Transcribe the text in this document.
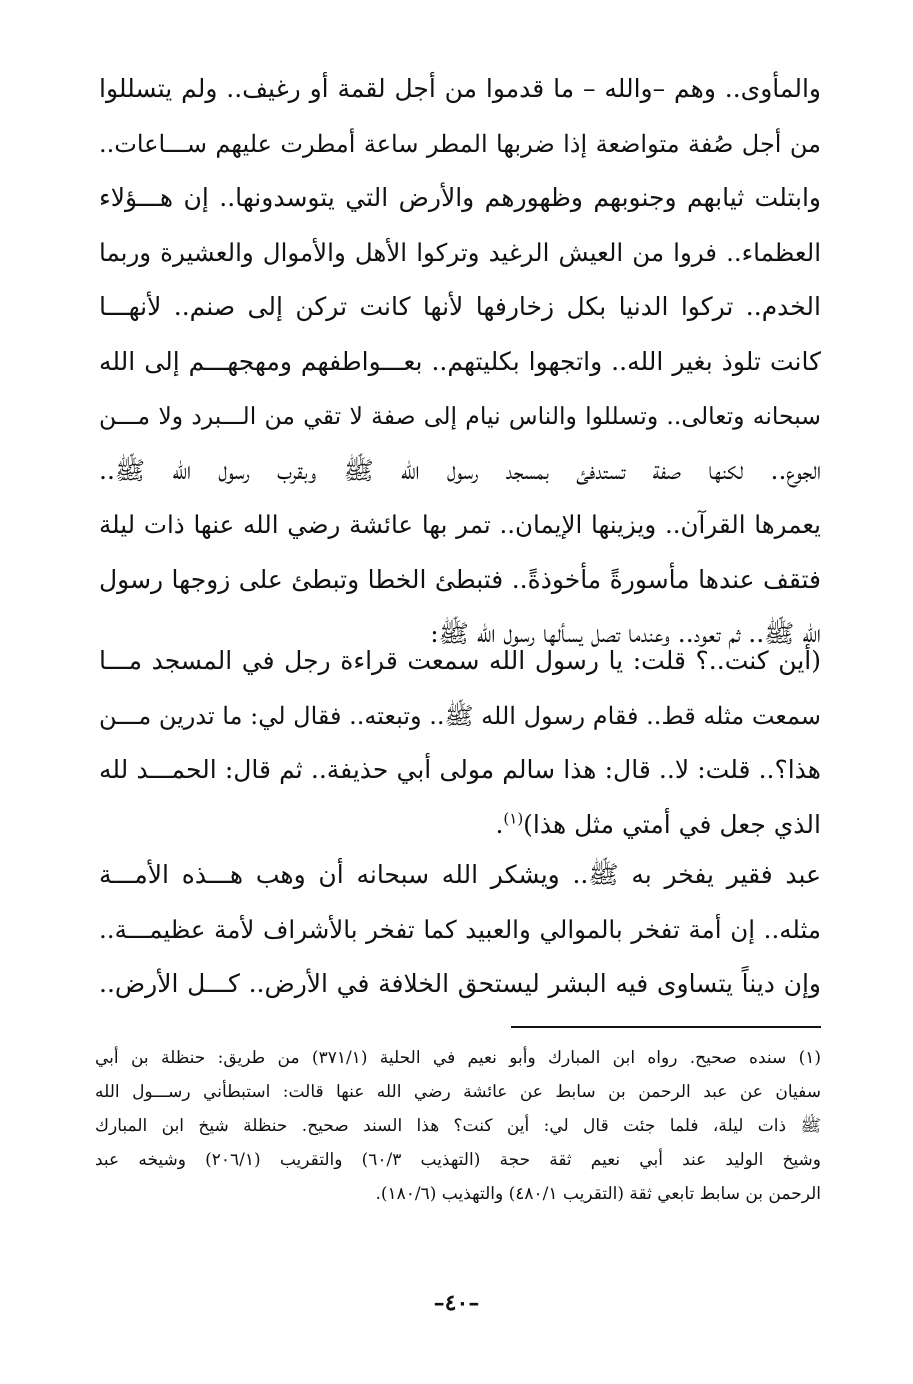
والمأوى.. وهم –والله – ما قدموا من أجل لقمة أو رغيف.. ولم يتسللوا
من أجل صُفة متواضعة إذا ضربها المطر ساعة أمطرت عليهم ســـاعات..
وابتلت ثيابهم وجنوبهم وظهورهم والأرض التي يتوسدونها.. إن هـــؤلاء
العظماء.. فروا من العيش الرغيد وتركوا الأهل والأموال والعشيرة وربما
الخدم.. تركوا الدنيا بكل زخارفها لأنها كانت تركن إلى صنم.. لأنهـــا
كانت تلوذ بغير الله.. واتجهوا بكليتهم.. بعـــواطفهم ومهجهـــم إلى الله
سبحانه وتعالى.. وتسللوا والناس نيام إلى صفة لا تقي من الـــبرد ولا مـــن
الجوع.. لكنها صفة تستدفئ بمسجد رسول الله ﷺ وبقرب رسول الله ﷺ..
يعمرها القرآن.. ويزينها الإيمان.. تمر بها عائشة رضي الله عنها ذات ليلة
فتقف عندها مأسورةً مأخوذةً.. فتبطئ الخطا وتبطئ على زوجها رسول
الله ﷺ.. ثم تعود.. وعندما تصل يسألها رسول الله ﷺ:
(أين كنت..؟ قلت: يا رسول الله سمعت قراءة رجل في المسجد مـــا
سمعت مثله قط.. فقام رسول الله ﷺ.. وتبعته.. فقال لي: ما تدرين مـــن
هذا؟.. قلت: لا.. قال: هذا سالم مولى أبي حذيفة.. ثم قال: الحمـــد لله
الذي جعل في أمتي مثل هذا)$^{(١)}$.
عبد فقير يفخر به ﷺ.. ويشكر الله سبحانه أن وهب هـــذه الأمـــة
مثله.. إن أمة تفخر بالموالي والعبيد كما تفخر بالأشراف لأمة عظيمـــة..
وإن ديناً يتساوى فيه البشر ليستحق الخلافة في الأرض.. كـــل الأرض..
(١) سنده صحيح. رواه ابن المبارك وأبو نعيم في الحلية (٣٧١/١) من طريق: حنظلة بن أبي
سفيان عن عبد الرحمن بن سابط عن عائشة رضي الله عنها قالت: استبطأني رســـول الله
ﷺ ذات ليلة، فلما جئت قال لي: أين كنت؟ هذا السند صحيح. حنظلة شيخ ابن المبارك
وشيخ الوليد عند أبي نعيم ثقة حجة (التهذيب ٦٠/٣) والتقريب (٢٠٦/١) وشيخه عبد
الرحمن بن سابط تابعي ثقة (التقريب ٤٨٠/١) والتهذيب (١٨٠/٦).
–٤٠–
